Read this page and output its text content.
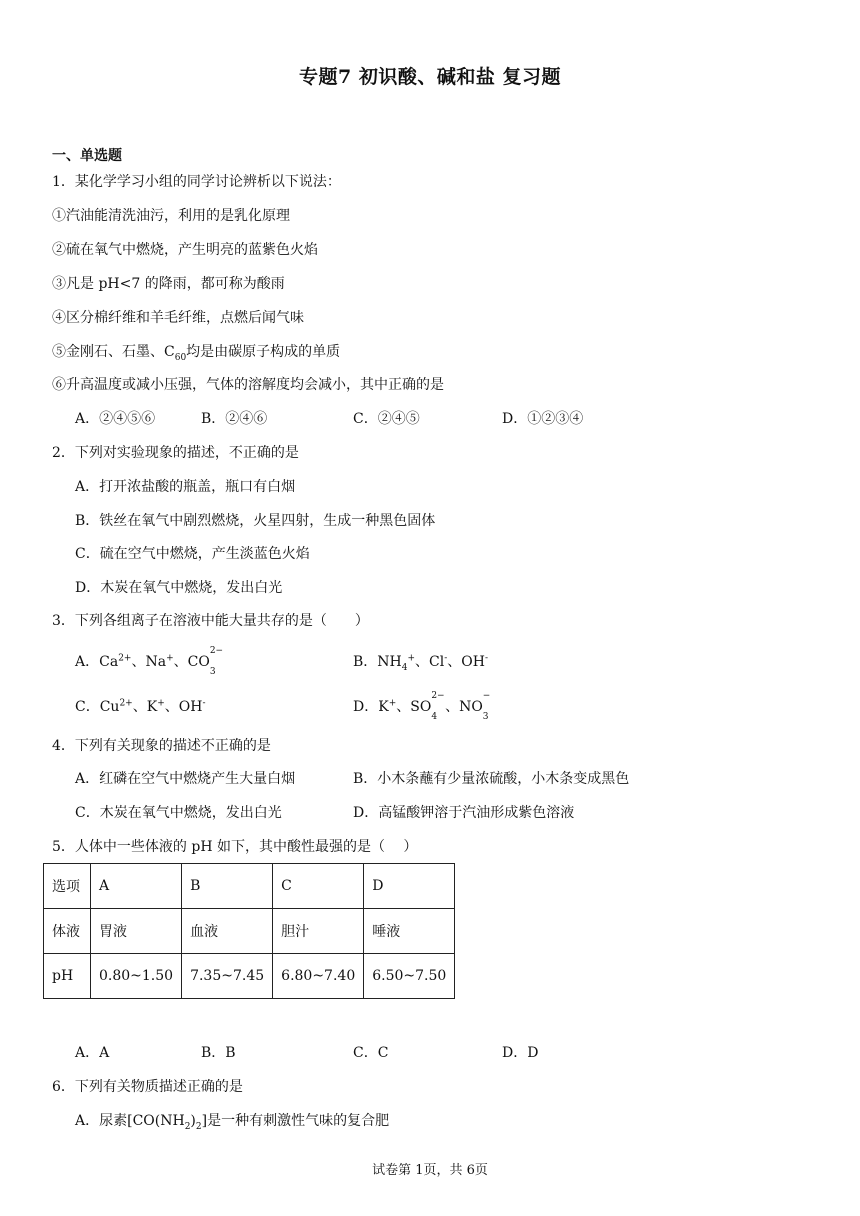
专题7 初识酸、碱和盐 复习题
一、单选题
1．某化学学习小组的同学讨论辨析以下说法：
①汽油能清洗油污，利用的是乳化原理
②硫在氧气中燃烧，产生明亮的蓝紫色火焰
③凡是 pH<7 的降雨，都可称为酸雨
④区分棉纤维和羊毛纤维，点燃后闻气味
⑤金刚石、石墨、$C_{60}$均是由碳原子构成的单质
⑥升高温度或减小压强，气体的溶解度均会减小，其中正确的是
A．②④⑤⑥	B．②④⑥	C．②④⑤	D．①②③④
2．下列对实验现象的描述，不正确的是
A．打开浓盐酸的瓶盖，瓶口有白烟
B．铁丝在氧气中剧烈燃烧，火星四射，生成一种黑色固体
C．硫在空气中燃烧，产生淡蓝色火焰
D．木炭在氧气中燃烧，发出白光
3．下列各组离子在溶液中能大量共存的是（　　）
A．$Ca^{2+}$、Na+、CO
2−
$_3$
B．$NH_4^+$、Cl-、OH-
C．$Cu^{2+}$、K+、OH-	D．K+、SO
2−
$_4$、NO
−
$_3$
4．下列有关现象的描述不正确的是
A．红磷在空气中燃烧产生大量白烟	B．小木条蘸有少量浓硫酸，小木条变成黑色
C．木炭在氧气中燃烧，发出白光	D．高锰酸钾溶于汽油形成紫色溶液
5．人体中一些体液的 pH 如下，其中酸性最强的是（　 ）
选项	A	B	C	D
体液	胃液	血液	胆汁	唾液
pH	0.80~1.50	7.35~7.45	6.80~7.40	6.50~7.50
A．A	B．B	C．C	D．D
6．下列有关物质描述正确的是
A．尿素$[CO(NH_2)_2]$是一种有刺激性气味的复合肥
试卷第 1页，共 6页
